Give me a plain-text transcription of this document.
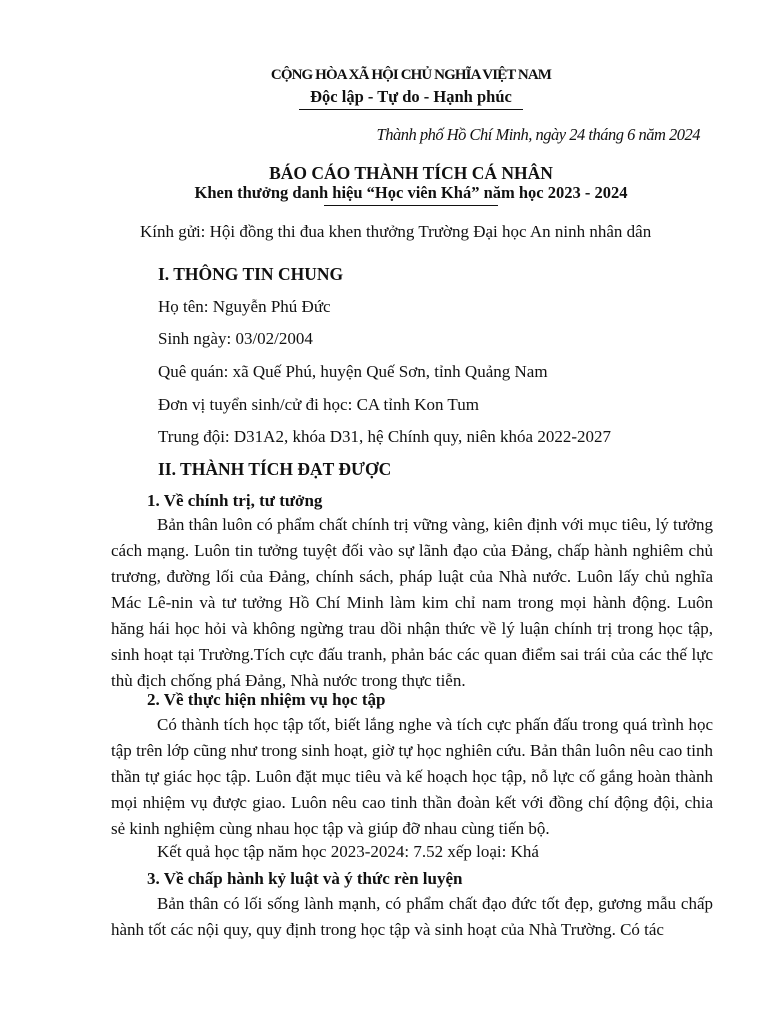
CỘNG HÒA XÃ HỘI CHỦ NGHĨA VIỆT NAM
Độc lập - Tự do - Hạnh phúc
Thành phố Hồ Chí Minh, ngày 24 tháng 6 năm 2024
BÁO CÁO THÀNH TÍCH CÁ NHÂN
Khen thưởng danh hiệu “Học viên Khá” năm học 2023 - 2024
Kính gửi: Hội đồng thi đua khen thưởng Trường Đại học An ninh nhân dân
I. THÔNG TIN CHUNG
Họ tên: Nguyễn Phú Đức
Sinh ngày: 03/02/2004
Quê quán: xã Quế Phú, huyện Quế Sơn, tỉnh Quảng Nam
Đơn vị tuyển sinh/cử đi học: CA tỉnh Kon Tum
Trung đội: D31A2, khóa D31, hệ Chính quy, niên khóa 2022-2027
II. THÀNH TÍCH ĐẠT ĐƯỢC
1. Về chính trị, tư tưởng

Bản thân luôn có phẩm chất chính trị vững vàng, kiên định với mục tiêu, lý tưởng cách mạng. Luôn tin tưởng tuyệt đối vào sự lãnh đạo của Đảng, chấp hành nghiêm chủ trương, đường lối của Đảng, chính sách, pháp luật của Nhà nước. Luôn lấy chủ nghĩa Mác Lê-nin và tư tưởng Hồ Chí Minh làm kim chỉ nam trong mọi hành động. Luôn hăng hái học hỏi và không ngừng trau dồi nhận thức về lý luận chính trị trong học tập, sinh hoạt tại Trường.Tích cực đấu tranh, phản bác các quan điểm sai trái của các thế lực thù địch chống phá Đảng, Nhà nước trong thực tiễn.

2. Về thực hiện nhiệm vụ học tập

Có thành tích học tập tốt, biết lắng nghe và tích cực phấn đấu trong quá trình học tập trên lớp cũng như trong sinh hoạt, giờ tự học nghiên cứu. Bản thân luôn nêu cao tinh thần tự giác học tập. Luôn đặt mục tiêu và kế hoạch học tập, nỗ lực cố gắng hoàn thành mọi nhiệm vụ được giao. Luôn nêu cao tinh thần đoàn kết với đồng chí động đội, chia sẻ kinh nghiệm cùng nhau học tập và giúp đỡ nhau cùng tiến bộ.

Kết quả học tập năm học 2023-2024: 7.52 xếp loại: Khá
3. Về chấp hành kỷ luật và ý thức rèn luyện

Bản thân có lối sống lành mạnh, có phẩm chất đạo đức tốt đẹp, gương mẫu chấp hành tốt các nội quy, quy định trong học tập và sinh hoạt của Nhà Trường. Có tác
